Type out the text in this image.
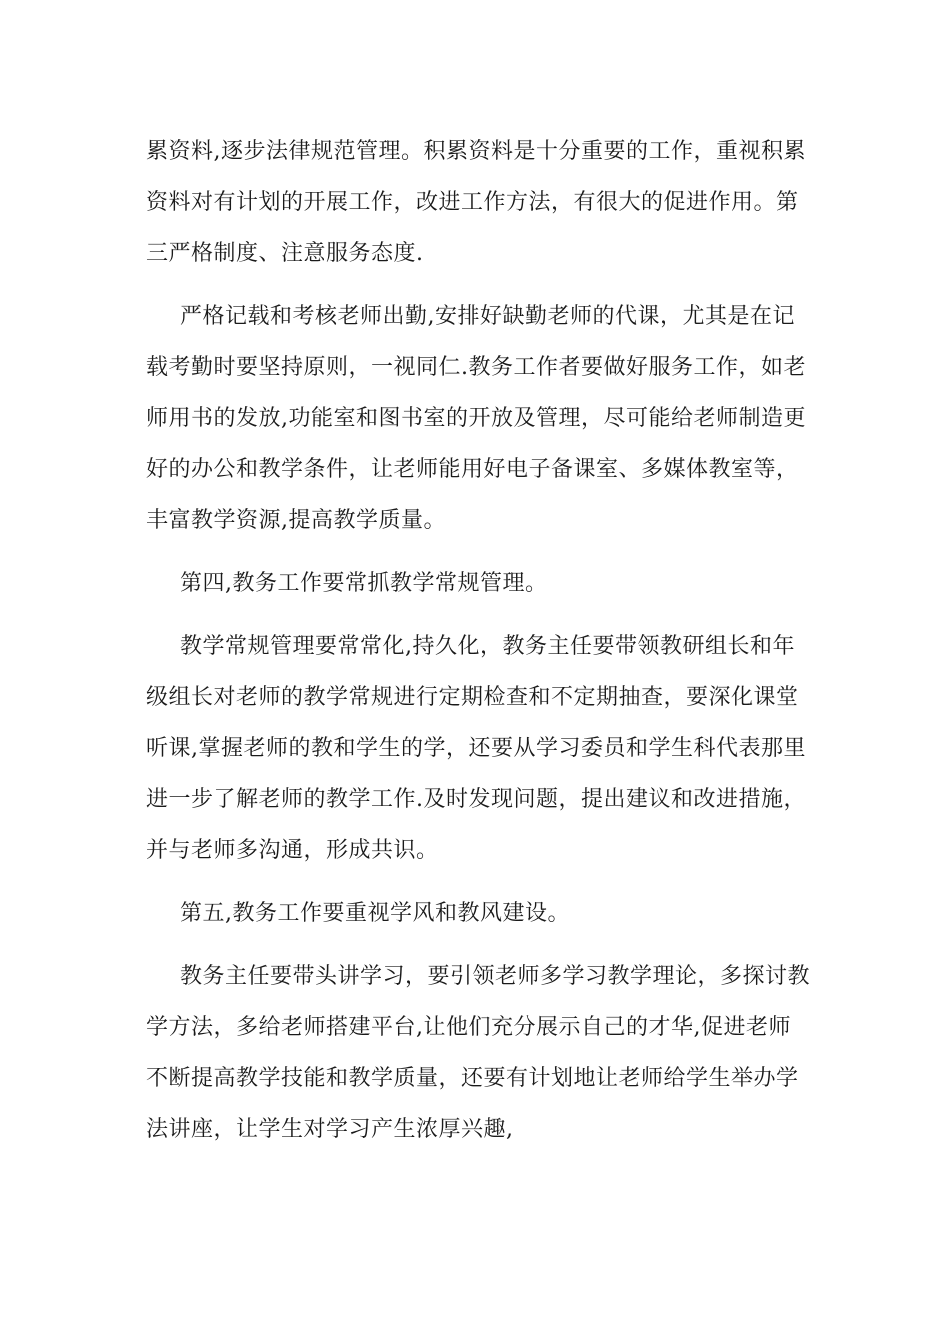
累资料,逐步法律规范管理。积累资料是十分重要的工作，重视积累资料对有计划的开展工作，改进工作方法，有很大的促进作用。第三严格制度、注意服务态度.

严格记载和考核老师出勤,安排好缺勤老师的代课，尤其是在记载考勤时要坚持原则，一视同仁.教务工作者要做好服务工作，如老师用书的发放,功能室和图书室的开放及管理，尽可能给老师制造更好的办公和教学条件，让老师能用好电子备课室、多媒体教室等，丰富教学资源,提高教学质量。

第四,教务工作要常抓教学常规管理。

教学常规管理要常常化,持久化，教务主任要带领教研组长和年级组长对老师的教学常规进行定期检查和不定期抽查，要深化课堂听课,掌握老师的教和学生的学，还要从学习委员和学生科代表那里进一步了解老师的教学工作.及时发现问题，提出建议和改进措施，并与老师多沟通，形成共识。

第五,教务工作要重视学风和教风建设。

教务主任要带头讲学习，要引领老师多学习教学理论，多探讨教学方法，多给老师搭建平台,让他们充分展示自己的才华,促进老师不断提高教学技能和教学质量，还要有计划地让老师给学生举办学法讲座，让学生对学习产生浓厚兴趣,
